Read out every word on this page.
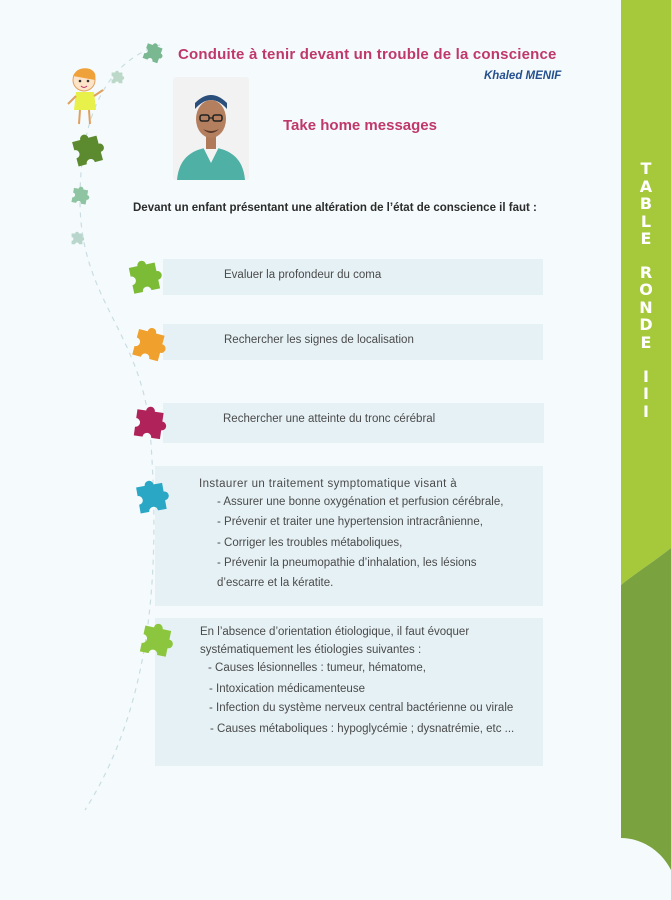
T
A
B
L
E
R
O
N
D
E
I
I
I
Conduite à tenir devant un trouble de la conscience
Khaled MENIF
Take home messages
Devant un enfant présentant une altération de l’état de conscience il faut :
Evaluer la profondeur du coma
Rechercher les signes de localisation
Rechercher une atteinte du tronc cérébral
Instaurer un traitement symptomatique visant à
- Assurer une bonne oxygénation et perfusion cérébrale,
- Prévenir et traiter une hypertension intracrânienne,
- Corriger les troubles métaboliques,
- Prévenir la pneumopathie d’inhalation, les lésions
d’escarre et la kératite.
En l’absence d’orientation étiologique, il faut évoquer
systématiquement les étiologies suivantes :
- Causes lésionnelles : tumeur, hématome,
- Intoxication médicamenteuse
- Infection du système nerveux central bactérienne ou virale
- Causes métaboliques : hypoglycémie ; dysnatrémie, etc ...
